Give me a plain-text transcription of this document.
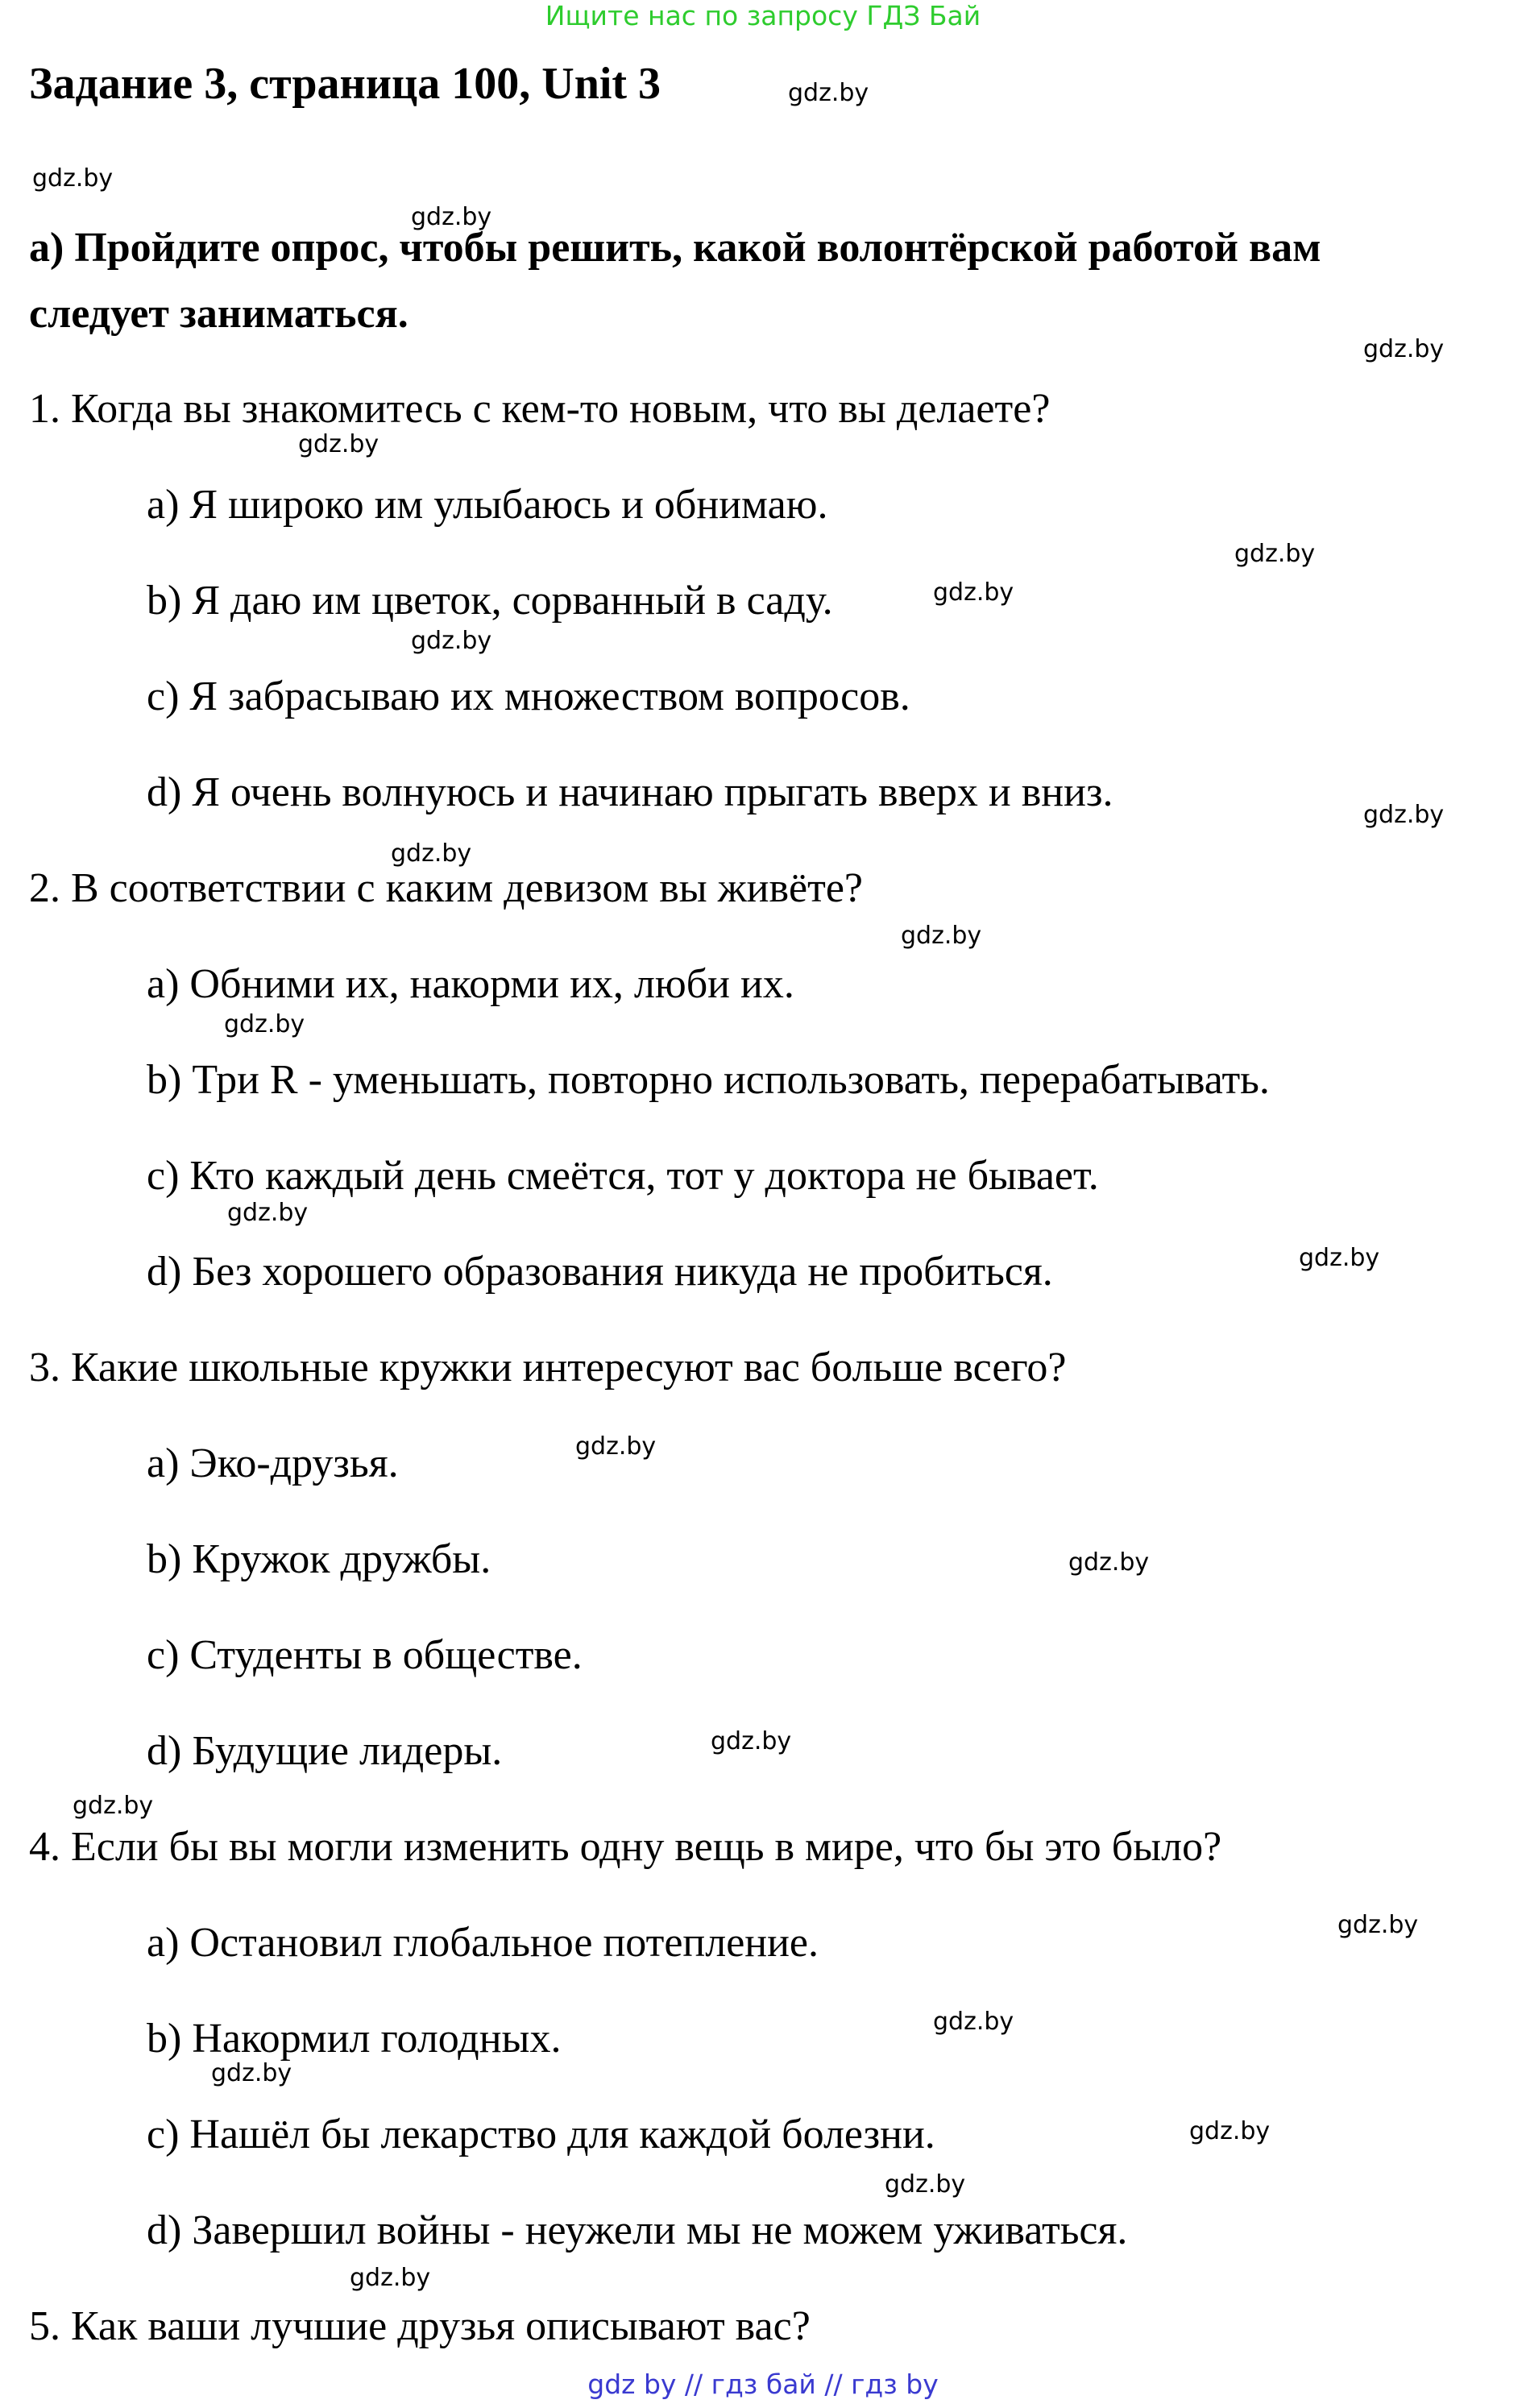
Ищите нас по запросу ГДЗ Бай
Задание 3, страница 100, Unit 3
a) Пройдите опрос, чтобы решить, какой волонтёрской работой вам
следует заниматься.
1. Когда вы знакомитесь с кем-то новым, что вы делаете?
a) Я широко им улыбаюсь и обнимаю.
b) Я даю им цветок, сорванный в саду.
c) Я забрасываю их множеством вопросов.
d) Я очень волнуюсь и начинаю прыгать вверх и вниз.
2. В соответствии с каким девизом вы живёте?
a) Обними их, накорми их, люби их.
b) Три R - уменьшать, повторно использовать, перерабатывать.
c) Кто каждый день смеётся, тот у доктора не бывает.
d) Без хорошего образования никуда не пробиться.
3. Какие школьные кружки интересуют вас больше всего?
a) Эко-друзья.
b) Кружок дружбы.
c) Студенты в обществе.
d) Будущие лидеры.
4. Если бы вы могли изменить одну вещь в мире, что бы это было?
a) Остановил глобальное потепление.
b) Накормил голодных.
c) Нашёл бы лекарство для каждой болезни.
d) Завершил войны - неужели мы не можем уживаться.
5. Как ваши лучшие друзья описывают вас?
gdz.by
gdz.by
gdz.by
gdz.by
gdz.by
gdz.by
gdz.by
gdz.by
gdz.by
gdz.by
gdz.by
gdz.by
gdz.by
gdz.by
gdz.by
gdz.by
gdz.by
gdz.by
gdz.by
gdz.by
gdz.by
gdz.by
gdz.by
gdz.by
gdz by // гдз бай // гдз by
